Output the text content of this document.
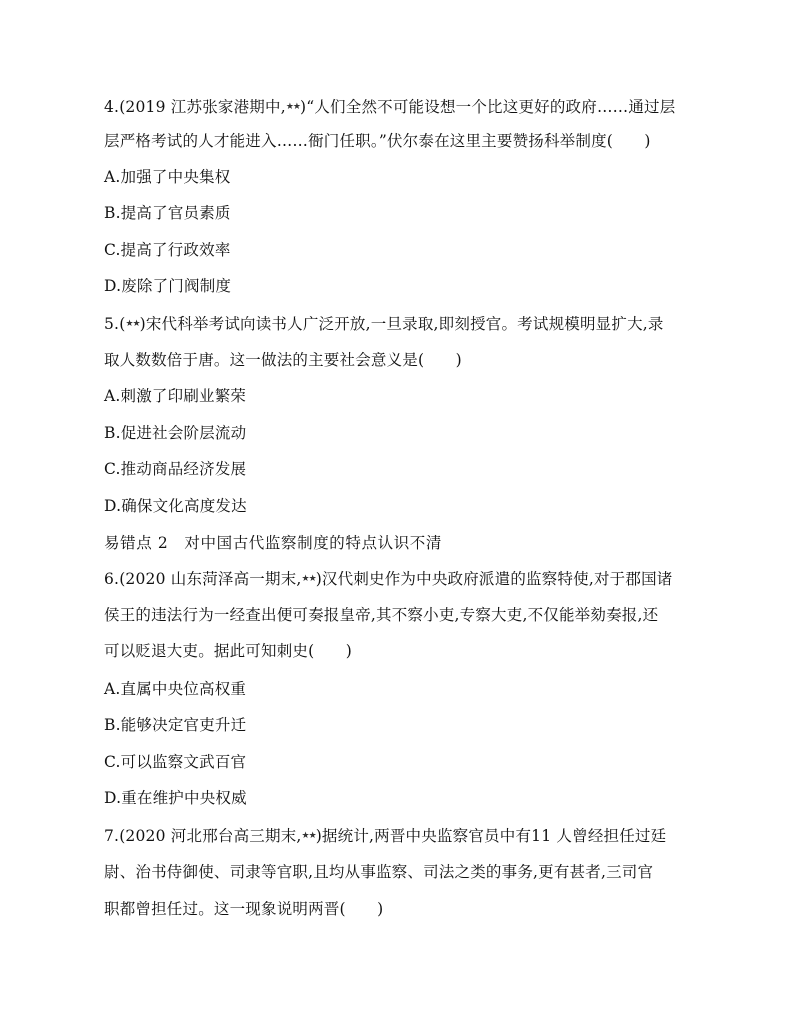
4.(2019 江苏张家港期中,★★)“人们全然不可能设想一个比这更好的政府……通过层
层严格考试的人才能进入……衙门任职。”伏尔泰在这里主要赞扬科举制度(　　)
A.加强了中央集权
B.提高了官员素质
C.提高了行政效率
D.废除了门阀制度
5.(★★)宋代科举考试向读书人广泛开放,一旦录取,即刻授官。考试规模明显扩大,录
取人数数倍于唐。这一做法的主要社会意义是(　　)
A.刺激了印刷业繁荣
B.促进社会阶层流动
C.推动商品经济发展
D.确保文化高度发达
易错点 2　对中国古代监察制度的特点认识不清
6.(2020 山东菏泽高一期末,★★)汉代刺史作为中央政府派遣的监察特使,对于郡国诸
侯王的违法行为一经查出便可奏报皇帝,其不察小吏,专察大吏,不仅能举劾奏报,还
可以贬退大吏。据此可知刺史(　　)
A.直属中央位高权重
B.能够决定官吏升迁
C.可以监察文武百官
D.重在维护中央权威
7.(2020 河北邢台高三期末,★★)据统计,两晋中央监察官员中有11 人曾经担任过廷
尉、治书侍御使、司隶等官职,且均从事监察、司法之类的事务,更有甚者,三司官
职都曾担任过。这一现象说明两晋(　　)
